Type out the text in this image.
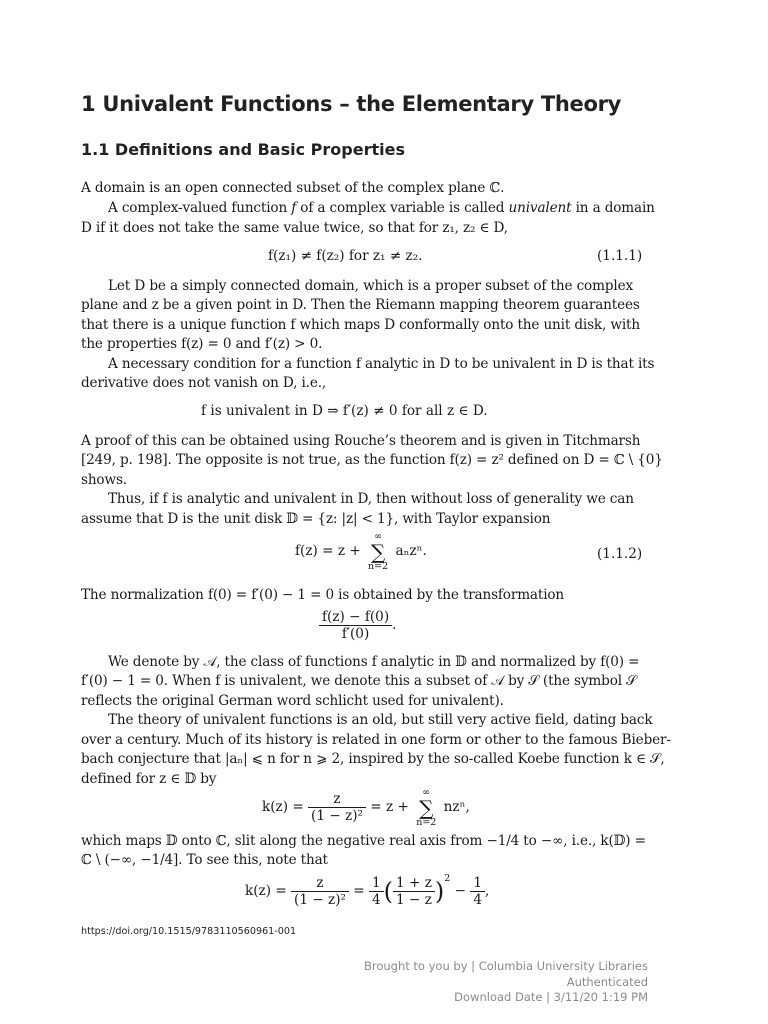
1 Univalent Functions – the Elementary Theory
1.1 Definitions and Basic Properties
A domain is an open connected subset of the complex plane ℂ.
A complex-valued function f of a complex variable is called univalent in a domain
D if it does not take the same value twice, so that for z₁, z₂ ∈ D,
f(z₁) ≠ f(z₂) for z₁ ≠ z₂.	(1.1.1)
Let D be a simply connected domain, which is a proper subset of the complex
plane and z be a given point in D. Then the Riemann mapping theorem guarantees
that there is a unique function f which maps D conformally onto the unit disk, with
the properties f(z) = 0 and f′(z) > 0.
A necessary condition for a function f analytic in D to be univalent in D is that its
derivative does not vanish on D, i.e.,
f is univalent in D ⇒ f′(z) ≠ 0 for all z ∈ D.
A proof of this can be obtained using Rouche’s theorem and is given in Titchmarsh
[249, p. 198]. The opposite is not true, as the function f(z) = z² defined on D = ℂ \ {0}
shows.
Thus, if f is analytic and univalent in D, then without loss of generality we can
assume that D is the unit disk 𝔻 = {z: |z| < 1}, with Taylor expansion
f(z) = z +
∞
∑
n=2
aₙzⁿ.	(1.1.2)
The normalization f(0) = f′(0) − 1 = 0 is obtained by the transformation
$\frac{f(z) - f(0)}{f'(0)}$ .
We denote by 𝒜, the class of functions f analytic in 𝔻 and normalized by f(0) =
f′(0) − 1 = 0. When f is univalent, we denote this a subset of 𝒜 by 𝒮 (the symbol 𝒮
reflects the original German word schlicht used for univalent).
The theory of univalent functions is an old, but still very active field, dating back
over a century. Much of its history is related in one form or other to the famous Bieber-
bach conjecture that |aₙ| ⩽ n for n ⩾ 2, inspired by the so-called Koebe function k ∈ 𝒮,
defined for z ∈ 𝔻 by
$k(z) = \frac{z}{\text{(1 − z)²}} = z$ +
∞
∑
n=2
nzⁿ,
which maps 𝔻 onto ℂ, slit along the negative real axis from −1/4 to −∞, i.e., k(𝔻) =
ℂ \ (−∞, −1/4]. To see this, note that
$k(z) = \frac{z}{\text{(1 − z)²}} = \frac{1}{4}$ ( $\frac{1 + z}{1 - z} )^2 - \frac{1}{4}$ ,
https://doi.org/10.1515/9783110560961-001
Brought to you by | Columbia University Libraries
Authenticated
Download Date | 3/11/20 1:19 PM
